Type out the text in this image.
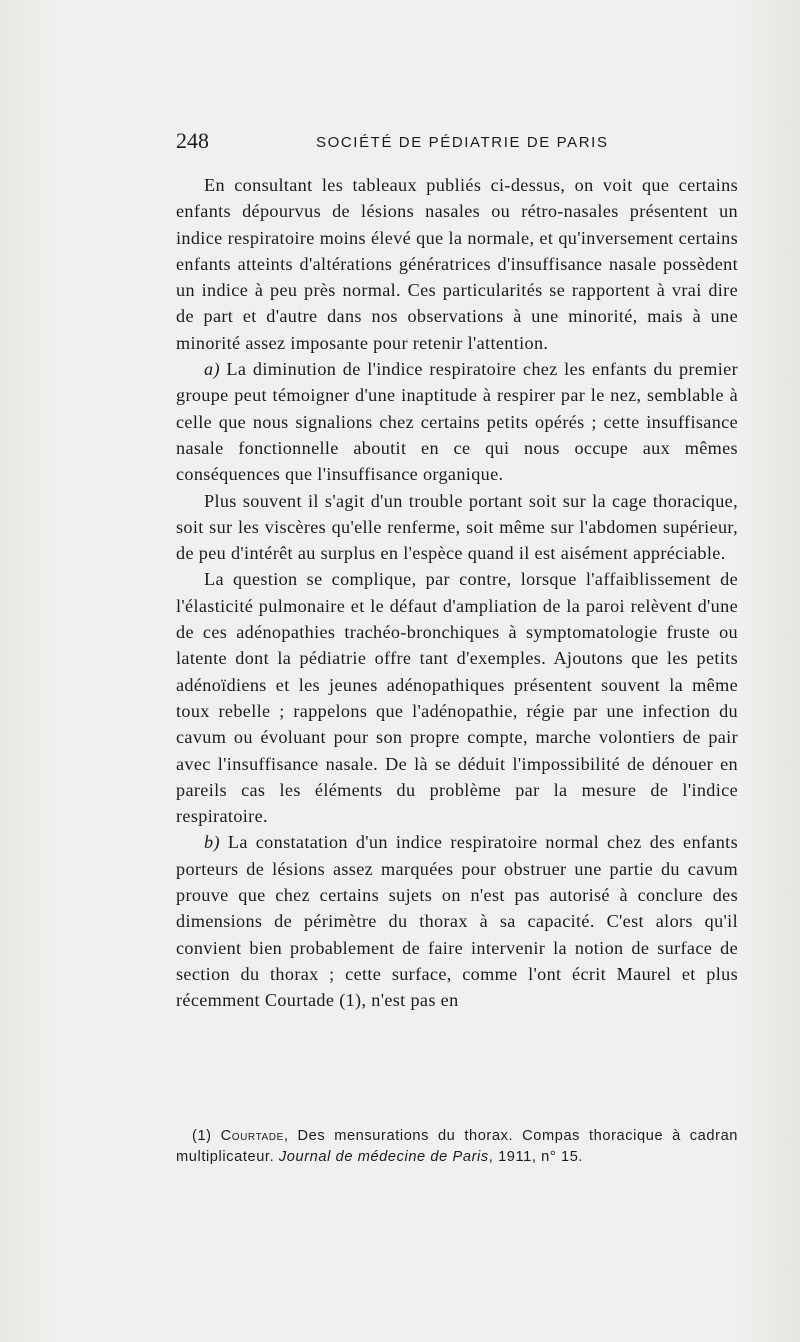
248	SOCIÉTÉ DE PÉDIATRIE DE PARIS

En consultant les tableaux publiés ci-dessus, on voit que certains enfants dépourvus de lésions nasales ou rétro-nasales présentent un indice respiratoire moins élevé que la normale, et qu'inversement certains enfants atteints d'altérations génératrices d'insuffisance nasale possèdent un indice à peu près normal. Ces particularités se rapportent à vrai dire de part et d'autre dans nos observations à une minorité, mais à une minorité assez imposante pour retenir l'attention.

a) La diminution de l'indice respiratoire chez les enfants du premier groupe peut témoigner d'une inaptitude à respirer par le nez, semblable à celle que nous signalions chez certains petits opérés ; cette insuffisance nasale fonctionnelle aboutit en ce qui nous occupe aux mêmes conséquences que l'insuffisance organique.

Plus souvent il s'agit d'un trouble portant soit sur la cage thoracique, soit sur les viscères qu'elle renferme, soit même sur l'abdomen supérieur, de peu d'intérêt au surplus en l'espèce quand il est aisément appréciable.

La question se complique, par contre, lorsque l'affaiblissement de l'élasticité pulmonaire et le défaut d'ampliation de la paroi relèvent d'une de ces adénopathies trachéo-bronchiques à symptomatologie fruste ou latente dont la pédiatrie offre tant d'exemples. Ajoutons que les petits adénoïdiens et les jeunes adénopathiques présentent souvent la même toux rebelle ; rappelons que l'adénopathie, régie par une infection du cavum ou évoluant pour son propre compte, marche volontiers de pair avec l'insuffisance nasale. De là se déduit l'impossibilité de dénouer en pareils cas les éléments du problème par la mesure de l'indice respiratoire.

b) La constatation d'un indice respiratoire normal chez des enfants porteurs de lésions assez marquées pour obstruer une partie du cavum prouve que chez certains sujets on n'est pas autorisé à conclure des dimensions de périmètre du thorax à sa capacité. C'est alors qu'il convient bien probablement de faire intervenir la notion de surface de section du thorax ; cette surface, comme l'ont écrit Maurel et plus récemment Courtade (1), n'est pas en

(1) Courtade, Des mensurations du thorax. Compas thoracique à cadran multiplicateur. Journal de médecine de Paris, 1911, n° 15.
